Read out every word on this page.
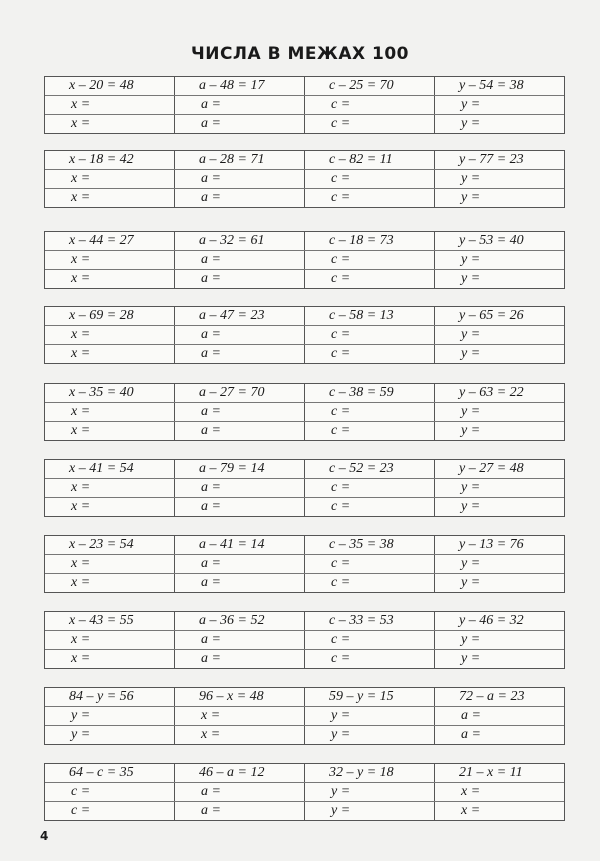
ЧИСЛА В МЕЖАХ 100
x – 20 = 48	a – 48 = 17	c – 25 = 70	y – 54 = 38
x =	a =	c =	y =
x =	a =	c =	y =
x – 18 = 42	a – 28 = 71	c – 82 = 11	y – 77 = 23
x =	a =	c =	y =
x =	a =	c =	y =
x – 44 = 27	a – 32 = 61	c – 18 = 73	y – 53 = 40
x =	a =	c =	y =
x =	a =	c =	y =
x – 69 = 28	a – 47 = 23	c – 58 = 13	y – 65 = 26
x =	a =	c =	y =
x =	a =	c =	y =
x – 35 = 40	a – 27 = 70	c – 38 = 59	y – 63 = 22
x =	a =	c =	y =
x =	a =	c =	y =
x – 41 = 54	a – 79 = 14	c – 52 = 23	y – 27 = 48
x =	a =	c =	y =
x =	a =	c =	y =
x – 23 = 54	a – 41 = 14	c – 35 = 38	y – 13 = 76
x =	a =	c =	y =
x =	a =	c =	y =
x – 43 = 55	a – 36 = 52	c – 33 = 53	y – 46 = 32
x =	a =	c =	y =
x =	a =	c =	y =
84 – y = 56	96 – x = 48	59 – y = 15	72 – a = 23
y =	x =	y =	a =
y =	x =	y =	a =
64 – c = 35	46 – a = 12	32 – y = 18	21 – x = 11
c =	a =	y =	x =
c =	a =	y =	x =
4
